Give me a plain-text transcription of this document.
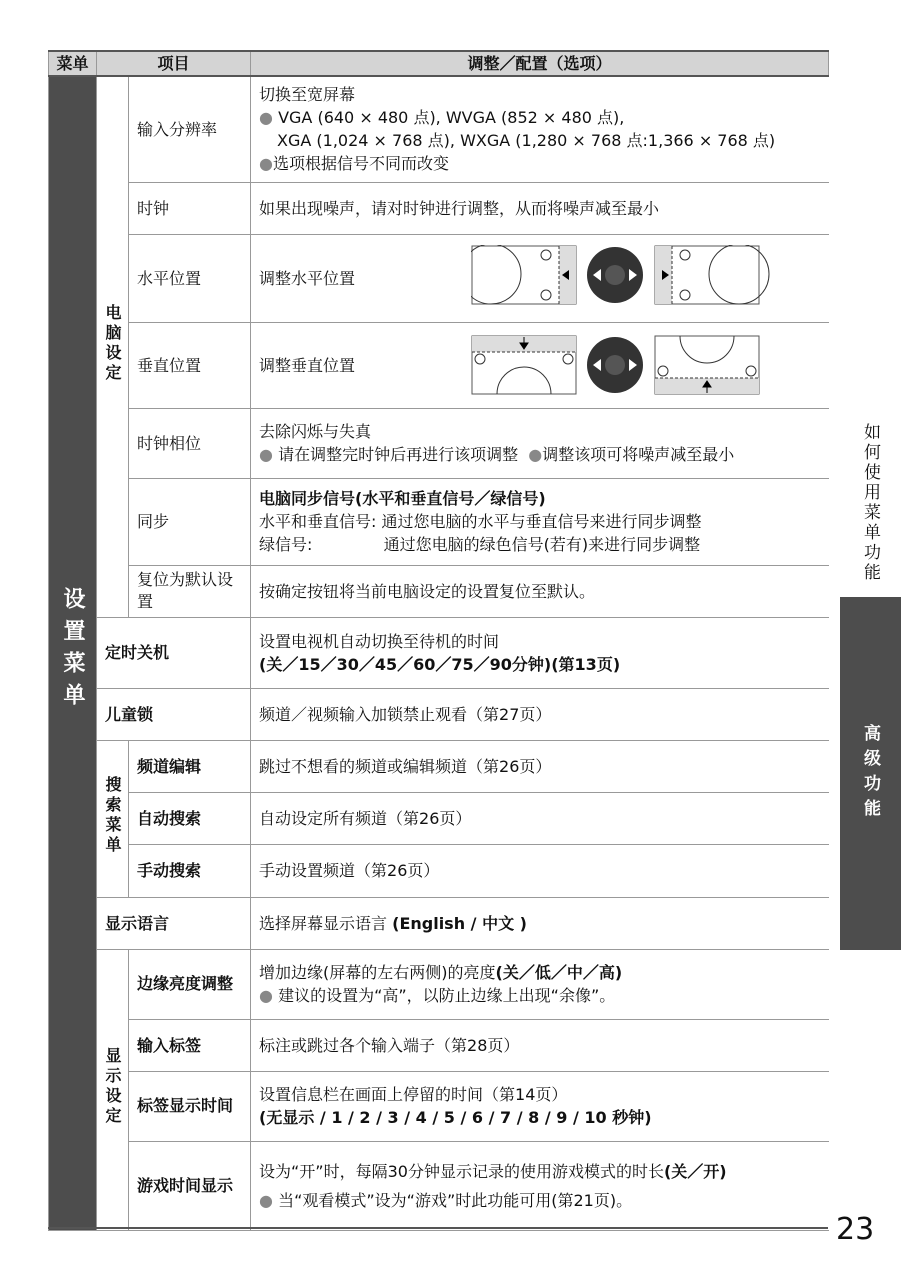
菜单	项目		调整／配置（选项）
设置菜单	电脑设定	输入分辨率	切换至宽屏幕
● VGA (640 × 480 点), WVGA (852 × 480 点),
XGA (1,024 × 768 点), WXGA (1,280 × 768 点:1,366 × 768 点)
●选项根据信号不同而改变

		时钟	如果出现噪声，请对时钟进行调整，从而将噪声减至最小
		水平位置	调整水平位置

		垂直位置	调整垂直位置

		时钟相位	去除闪烁与失真
● 请在调整完时钟后再进行该项调整 ●调整该项可将噪声减至最小

		同步	电脑同步信号(水平和垂直信号／绿信号)
水平和垂直信号: 通过您电脑的水平与垂直信号来进行同步调整
绿信号:              通过您电脑的绿色信号(若有)来进行同步调整

		复位为默认设置	按确定按钮将当前电脑设定的设置复位至默认。
	定时关机		设置电视机自动切换至待机的时间
(关／15／30／45／60／75／90分钟)(第13页)

	儿童锁		频道／视频输入加锁禁止观看（第27页）
	搜索菜单	频道编辑	跳过不想看的频道或编辑频道（第26页）
		自动搜索	自动设定所有频道（第26页）
		手动搜索	手动设置频道（第26页）
	显示语言		选择屏幕显示语言 (English / 中文 )
	显示设定	边缘亮度调整	增加边缘(屏幕的左右两侧)的亮度(关／低／中／高)
● 建议的设置为“高”，以防止边缘上出现“余像”。

		输入标签	标注或跳过各个输入端子（第28页）
		标签显示时间	设置信息栏在画面上停留的时间（第14页）
(无显示 / 1 / 2 / 3 / 4 / 5 / 6 / 7 / 8 / 9 / 10 秒钟)

		游戏时间显示	设为“开”时，每隔30分钟显示记录的使用游戏模式的时长(关／开)
● 当“观看模式”设为“游戏”时此功能可用(第21页)。
如何使用菜单功能
高级功能
23
